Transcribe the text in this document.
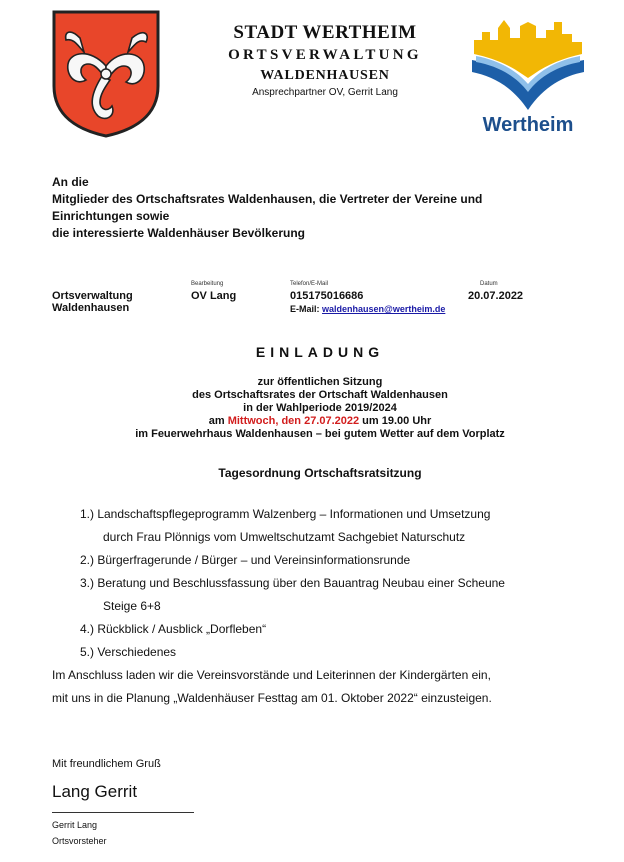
STADT WERTHEIM
ORTSVERWALTUNG
WALDENHAUSEN
Ansprechpartner OV, Gerrit Lang
Wertheim
An die
Mitglieder des Ortschaftsrates Waldenhausen, die Vertreter der Vereine und
Einrichtungen sowie
die interessierte Waldenhäuser Bevölkerung
Ortsverwaltung
Waldenhausen
Bearbeitung
OV Lang
Telefon/E-Mail
015175016686
E-Mail: waldenhausen@wertheim.de
Datum
20.07.2022
EINLADUNG
zur öffentlichen Sitzung
des Ortschaftsrates der Ortschaft Waldenhausen
in der Wahlperiode 2019/2024
am Mittwoch, den 27.07.2022 um 19.00 Uhr
im Feuerwehrhaus Waldenhausen – bei gutem Wetter auf dem Vorplatz
Tagesordnung Ortschaftsratsitzung
1.) Landschaftspflegeprogramm Walzenberg – Informationen und Umsetzung
durch Frau Plönnigs vom Umweltschutzamt Sachgebiet Naturschutz
2.) Bürgerfragerunde / Bürger – und Vereinsinformationsrunde
3.) Beratung und Beschlussfassung über den Bauantrag Neubau einer Scheune
Steige 6+8
4.) Rückblick / Ausblick „Dorfleben“
5.) Verschiedenes
Im Anschluss laden wir die Vereinsvorstände und Leiterinnen der Kindergärten ein,
mit uns in die Planung „Waldenhäuser Festtag am 01. Oktober 2022“ einzusteigen.
Mit freundlichem Gruß
Lang Gerrit
Gerrit Lang
Ortsvorsteher
